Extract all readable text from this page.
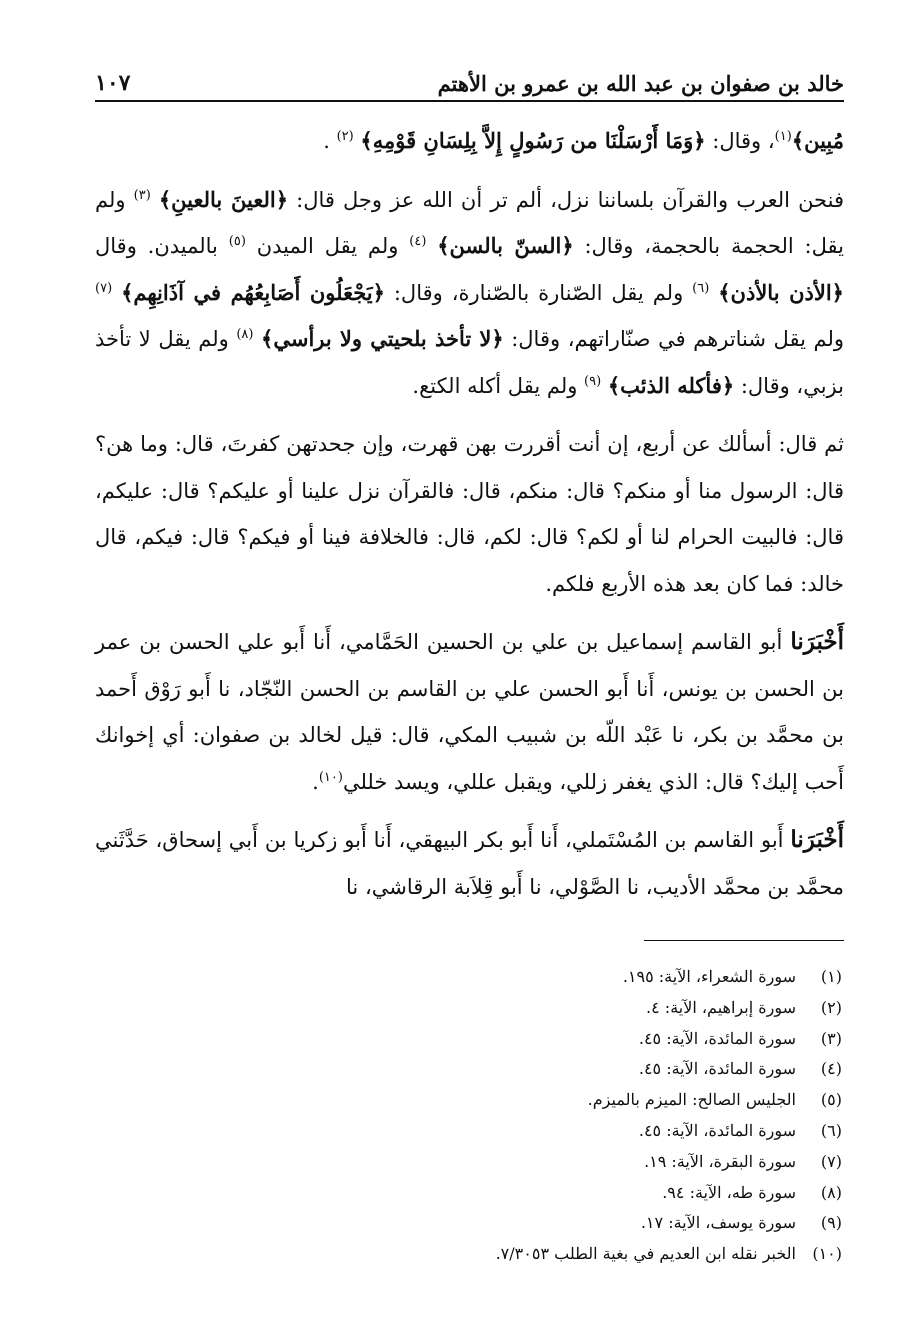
خالد بن صفوان بن عبد الله بن عمرو بن الأهتم
١٠٧

مُبِين﴾$^{(١)}$، وقال: ﴿وَمَا أَرْسَلْنَا من رَسُولٍ إِلاَّ بِلِسَانِ قَوْمِهِ﴾ $^{(٢)}$ .

فنحن العرب والقرآن بلساننا نزل، ألم تر أن الله عز وجل قال: ﴿العينَ بالعينِ﴾ $^{(٣)}$ ولم يقل: الحجمة بالحجمة، وقال: ﴿السنّ بالسن﴾ $^{(٤)}$ ولم يقل الميدن $^{(٥)}$ بالميدن. وقال ﴿الأذن بالأذن﴾ $^{(٦)}$ ولم يقل الصّنارة بالصّنارة، وقال: ﴿يَجْعَلُون أَصَابِعُهُم في آذَانِهِم﴾ $^{(٧)}$ ولم يقل شناترهم في صنّاراتهم، وقال: ﴿لا تأخذ بلحيتي ولا برأسي﴾ $^{(٨)}$ ولم يقل لا تأخذ بزبي، وقال: ﴿فأكله الذئب﴾ $^{(٩)}$ ولم يقل أكله الكتع.

ثم قال: أسألك عن أربع، إن أنت أقررت بهن قهرت، وإن جحدتهن كفرتَ، قال: وما هن؟ قال: الرسول منا أو منكم؟ قال: منكم، قال: فالقرآن نزل علينا أو عليكم؟ قال: عليكم، قال: فالبيت الحرام لنا أو لكم؟ قال: لكم، قال: فالخلافة فينا أو فيكم؟ قال: فيكم، قال خالد: فما كان بعد هذه الأربع فلكم.

أَخْبَرَنا أبو القاسم إسماعيل بن علي بن الحسين الحَمَّامي، أَنا أَبو علي الحسن بن عمر بن الحسن بن يونس، أَنا أَبو الحسن علي بن القاسم بن الحسن النّجّاد، نا أَبو رَوْق أَحمد بن محمَّد بن بكر، نا عَبْد اللّه بن شبيب المكي، قال: قيل لخالد بن صفوان: أي إخوانك أَحب إليك؟ قال: الذي يغفر زللي، ويقبل عللي، ويسد خللي$^{(١٠)}$.

أَخْبَرَنا أَبو القاسم بن المُسْتَملي، أَنا أَبو بكر البيهقي، أَنا أَبو زكريا بن أَبي إسحاق، حَدَّثَني محمَّد بن محمَّد الأديب، نا الصَّوْلي، نا أَبو قِلاَبة الرقاشي، نا

(١)
سورة الشعراء، الآية: ١٩٥.
(٢)
سورة إبراهيم، الآية: ٤.
(٣)
سورة المائدة، الآية: ٤٥.
(٤)
سورة المائدة، الآية: ٤٥.
(٥)
الجليس الصالح: الميزم بالميزم.
(٦)
سورة المائدة، الآية: ٤٥.
(٧)
سورة البقرة، الآية: ١٩.
(٨)
سورة طه، الآية: ٩٤.
(٩)
سورة يوسف، الآية: ١٧.
(١٠)
الخبر نقله ابن العديم في بغية الطلب ٧/٣٠٥٣.
